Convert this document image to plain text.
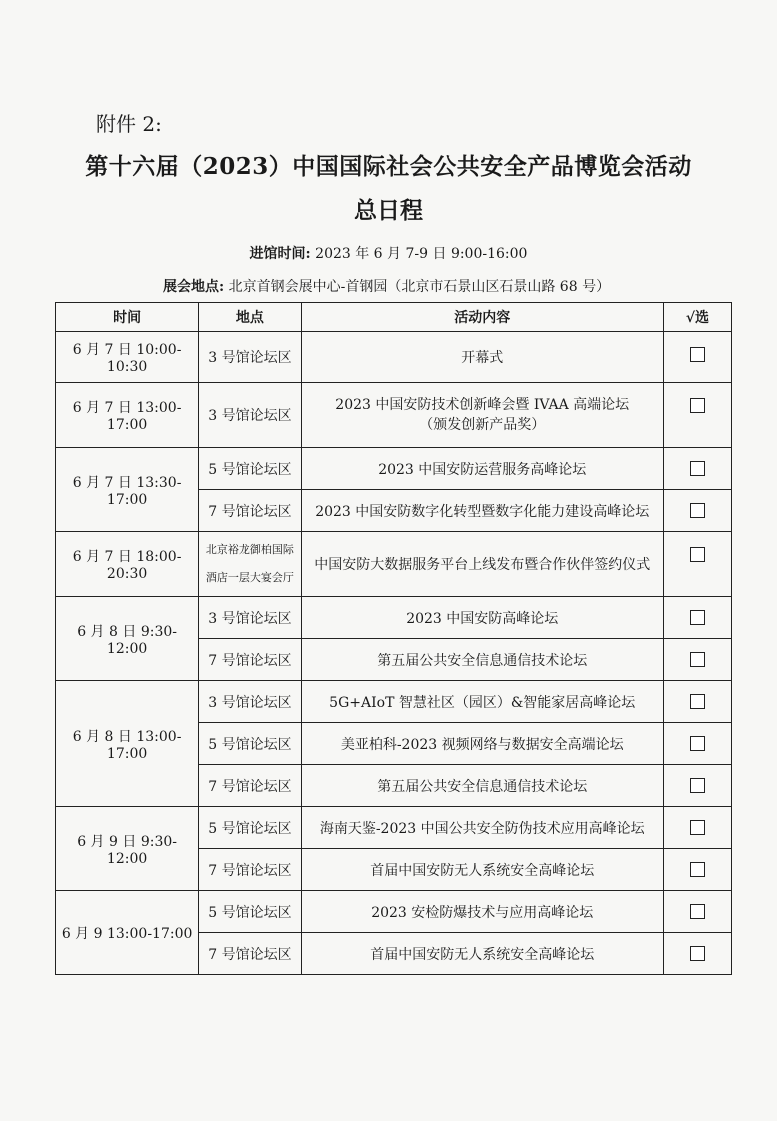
附件 2:
第十六届（2023）中国国际社会公共安全产品博览会活动
总日程
进馆时间: 2023 年 6 月 7-9 日 9:00-16:00
展会地点: 北京首钢会展中心-首钢园（北京市石景山区石景山路 68 号）
时间	地点	活动内容	√选
6 月 7 日 10:00-10:30	3 号馆论坛区	开幕式	
6 月 7 日 13:00-17:00	3 号馆论坛区	2023 中国安防技术创新峰会暨 IVAA 高端论坛
（颁发创新产品奖）	

6 月 7 日 13:30-17:00	5 号馆论坛区	2023 中国安防运营服务高峰论坛	
	7 号馆论坛区	2023 中国安防数字化转型暨数字化能力建设高峰论坛	
6 月 7 日 18:00-20:30	北京裕龙御柏国际
酒店一层大宴会厅	中国安防大数据服务平台上线发布暨合作伙伴签约仪式	
6 月 8 日 9:30-12:00	3 号馆论坛区	2023 中国安防高峰论坛	
	7 号馆论坛区	第五届公共安全信息通信技术论坛	
6 月 8 日 13:00-17:00	3 号馆论坛区	5G+AIoT 智慧社区（园区）&智能家居高峰论坛	
	5 号馆论坛区	美亚柏科-2023 视频网络与数据安全高端论坛	
	7 号馆论坛区	第五届公共安全信息通信技术论坛	
6 月 9 日 9:30-12:00	5 号馆论坛区	海南天鉴-2023 中国公共安全防伪技术应用高峰论坛	
	7 号馆论坛区	首届中国安防无人系统安全高峰论坛	
6 月 9 13:00-17:00	5 号馆论坛区	2023 安检防爆技术与应用高峰论坛	
	7 号馆论坛区	首届中国安防无人系统安全高峰论坛	
